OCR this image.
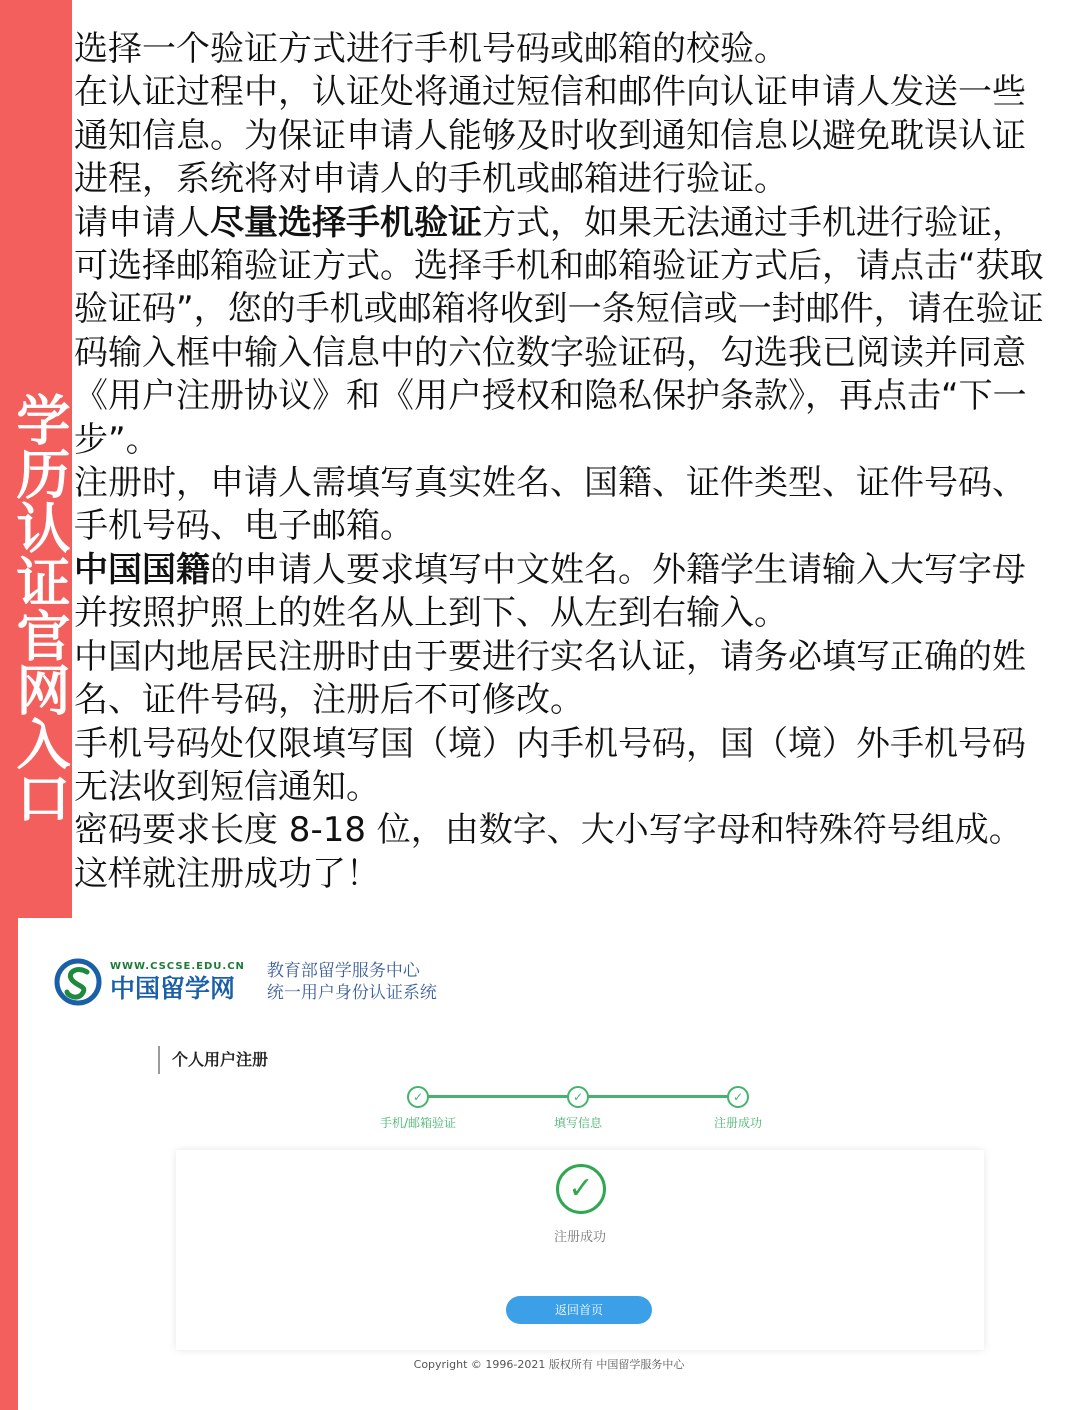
学历认证官网入口

选择一个验证方式进行手机号码或邮箱的校验。

在认证过程中，认证处将通过短信和邮件向认证申请人发送一些通知信息。为保证申请人能够及时收到通知信息以避免耽误认证进程，系统将对申请人的手机或邮箱进行验证。

请申请人尽量选择手机验证方式，如果无法通过手机进行验证，可选择邮箱验证方式。选择手机和邮箱验证方式后，请点击“获取验证码”，您的手机或邮箱将收到一条短信或一封邮件，请在验证码输入框中输入信息中的六位数字验证码，勾选我已阅读并同意《用户注册协议》和《用户授权和隐私保护条款》，再点击“下一步”。

注册时，申请人需填写真实姓名、国籍、证件类型、证件号码、手机号码、电子邮箱。

中国国籍的申请人要求填写中文姓名。外籍学生请输入大写字母并按照护照上的姓名从上到下、从左到右输入。

中国内地居民注册时由于要进行实名认证，请务必填写正确的姓名、证件号码，注册后不可修改。

手机号码处仅限填写国（境）内手机号码，国（境）外手机号码无法收到短信通知。

密码要求长度 8-18 位，由数字、大小写字母和特殊符号组成。

这样就注册成功了！

WWW.CSCSE.EDU.CN
中国留学网
教育部留学服务中心
统一用户身份认证系统
个人用户注册
✓
手机/邮箱验证
✓
填写信息
✓
注册成功
✓
注册成功
返回首页
Copyright © 1996-2021 版权所有 中国留学服务中心
